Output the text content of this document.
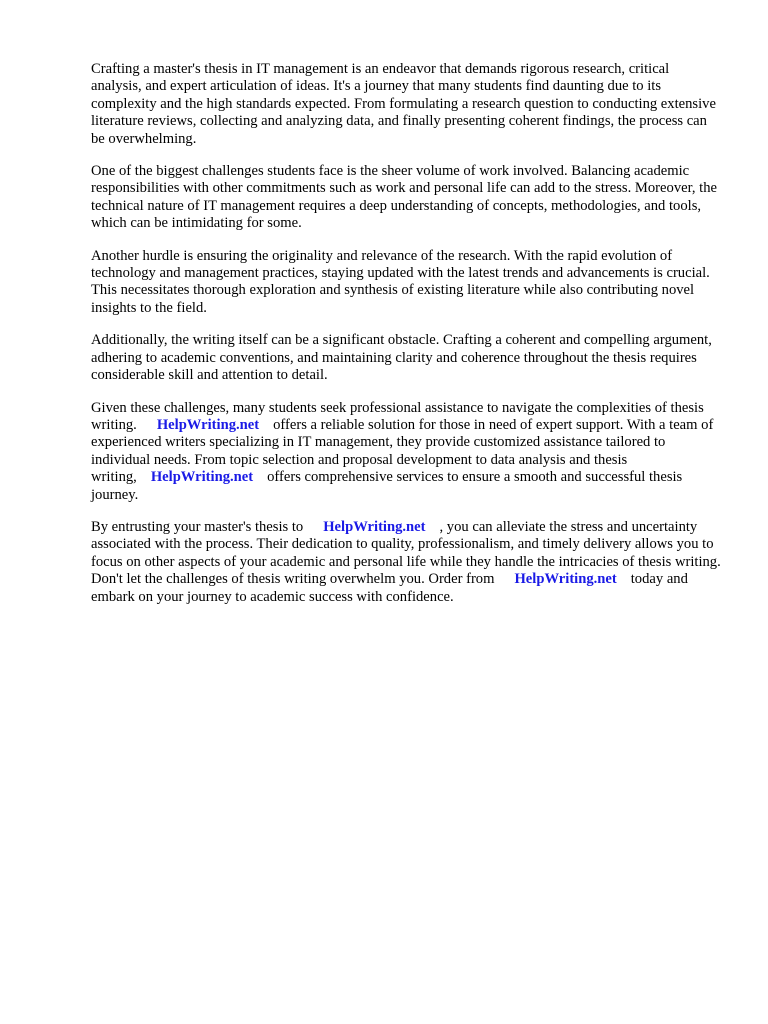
Crafting a master's thesis in IT management is an endeavor that demands rigorous research, critical analysis, and expert articulation of ideas. It's a journey that many students find daunting due to its complexity and the high standards expected. From formulating a research question to conducting extensive literature reviews, collecting and analyzing data, and finally presenting coherent findings, the process can be overwhelming.

One of the biggest challenges students face is the sheer volume of work involved. Balancing academic responsibilities with other commitments such as work and personal life can add to the stress. Moreover, the technical nature of IT management requires a deep understanding of concepts, methodologies, and tools, which can be intimidating for some.

Another hurdle is ensuring the originality and relevance of the research. With the rapid evolution of technology and management practices, staying updated with the latest trends and advancements is crucial. This necessitates thorough exploration and synthesis of existing literature while also contributing novel insights to the field.

Additionally, the writing itself can be a significant obstacle. Crafting a coherent and compelling argument, adhering to academic conventions, and maintaining clarity and coherence throughout the thesis requires considerable skill and attention to detail.

Given these challenges, many students seek professional assistance to navigate the complexities of thesis writing. HelpWriting.net offers a reliable solution for those in need of expert support. With a team of experienced writers specializing in IT management, they provide customized assistance tailored to individual needs. From topic selection and proposal development to data analysis and thesis writing, HelpWriting.net offers comprehensive services to ensure a smooth and successful thesis journey.

By entrusting your master's thesis to HelpWriting.net , you can alleviate the stress and uncertainty associated with the process. Their dedication to quality, professionalism, and timely delivery allows you to focus on other aspects of your academic and personal life while they handle the intricacies of thesis writing. Don't let the challenges of thesis writing overwhelm you. Order from HelpWriting.net today and embark on your journey to academic success with confidence.
